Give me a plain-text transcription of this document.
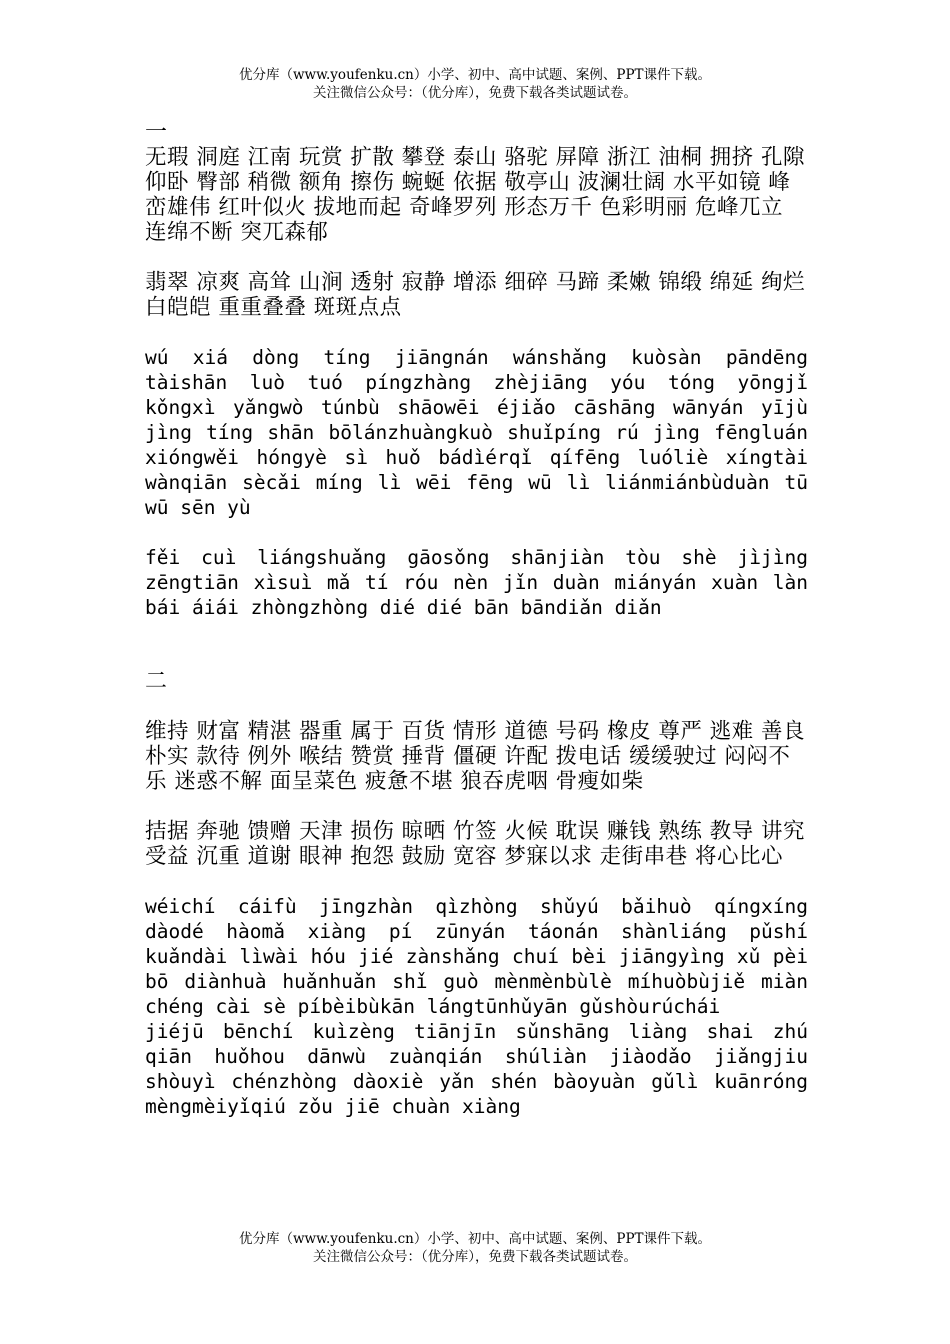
优分库（www.youfenku.cn）小学、初中、高中试题、案例、PPT课件下载。
关注微信公众号：（优分库），免费下载各类试题试卷。
一

无瑕 洞庭 江南 玩赏 扩散 攀登 泰山 骆驼 屏障 浙江 油桐 拥挤 孔隙 仰卧 臀部 稍微 额角 擦伤 蜿蜒 依据 敬亭山 波澜壮阔 水平如镜 峰峦雄伟 红叶似火 拔地而起 奇峰罗列 形态万千 色彩明丽 危峰兀立 连绵不断 突兀森郁

翡翠 凉爽 高耸 山涧 透射 寂静 增添 细碎 马蹄 柔嫩 锦缎 绵延 绚烂 白皑皑 重重叠叠 斑斑点点

wú xiá dòng tíng jiāngnán wánshǎng kuòsàn pāndēng tàishān luò tuó píngzhàng zhèjiāng yóu tóng yōngjǐ kǒngxì yǎngwò túnbù shāowēi éjiǎo cāshāng wānyán yījù jìng tíng shān bōlánzhuàngkuò shuǐpíng rú jìng fēngluán xióngwěi hóngyè sì huǒ bádìérqǐ qífēng luóliè xíngtài wànqiān sècǎi míng lì wēi fēng wū lì liánmiánbùduàn tū wū sēn yù

fěi cuì liángshuǎng gāosǒng shānjiàn tòu shè jìjìng zēngtiān xìsuì mǎ tí róu nèn jǐn duàn miányán xuàn làn bái áiái zhòngzhòng dié dié bān bāndiǎn diǎn

二

维持 财富 精湛 器重 属于 百货 情形 道德 号码 橡皮 尊严 逃难 善良 朴实 款待 例外 喉结 赞赏 捶背 僵硬 许配 拨电话 缓缓驶过 闷闷不乐 迷惑不解 面呈菜色 疲惫不堪 狼吞虎咽 骨瘦如柴

拮据 奔驰 馈赠 天津 损伤 晾晒 竹签 火候 耽误 赚钱 熟练 教导 讲究 受益 沉重 道谢 眼神 抱怨 鼓励 宽容 梦寐以求 走街串巷 将心比心

wéichí cáifù jīngzhàn qìzhòng shǔyú bǎihuò qíngxíng dàodé hàomǎ xiàng pí zūnyán táonán shànliáng pǔshí kuǎndài lìwài hóu jié zànshǎng chuí bèi jiāngyìng xǔ pèi bō diànhuà huǎnhuǎn shǐ guò mènmènbùlè míhuòbùjiě miàn chéng cài sè píbèibùkān lángtūnhǔyān gǔshòurúchái

jiéjū bēnchí kuìzèng tiānjīn sǔnshāng liàng shai zhú qiān huǒhou dānwù zuànqián shúliàn jiàodǎo jiǎngjiu shòuyì chénzhòng dàoxiè yǎn shén bàoyuàn gǔlì kuānróng mèngmèiyǐqiú zǒu jiē chuàn xiàng

优分库（www.youfenku.cn）小学、初中、高中试题、案例、PPT课件下载。
关注微信公众号：（优分库），免费下载各类试题试卷。
